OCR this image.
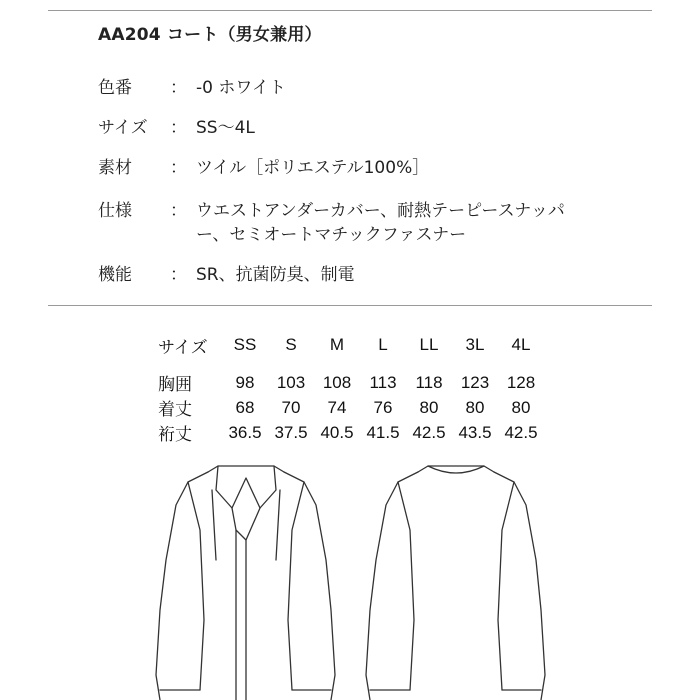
AA204 コート（男女兼用）
色番	： -0 ホワイト
サイズ	： SS～4L
素材	： ツイル［ポリエステル100%］
仕様	： ウエストアンダーカバー、耐熱テーピースナッパ
ー、セミオートマチックファスナー
機能	： SR、抗菌防臭、制電
サイズ	SS	S	M	L	LL	3L	4L
胸囲	98	103	108	113	118	123	128
着丈	68	70	74	76	80	80	80
裄丈	36.5	37.5	40.5	41.5	42.5	43.5	42.5
